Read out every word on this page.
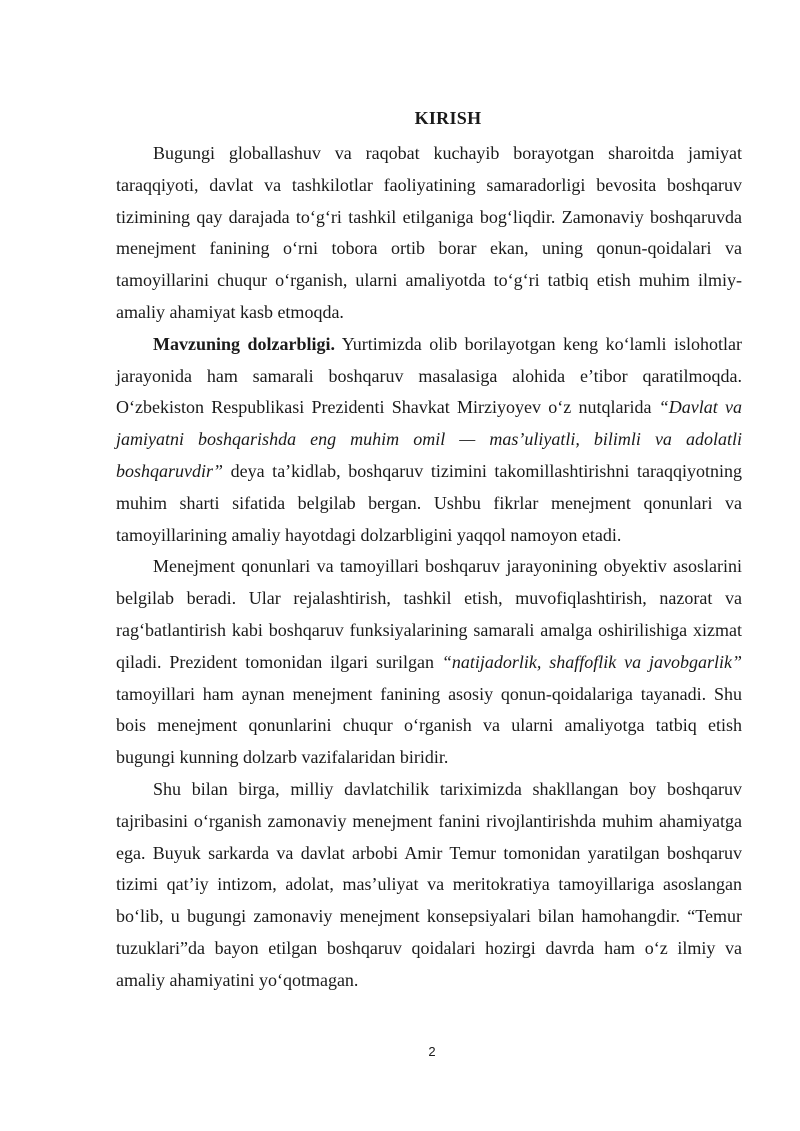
KIRISH

Bugungi globallashuv va raqobat kuchayib borayotgan sharoitda jamiyat taraqqiyoti, davlat va tashkilotlar faoliyatining samaradorligi bevosita boshqaruv tizimining qay darajada to‘g‘ri tashkil etilganiga bog‘liqdir. Zamonaviy boshqaruvda menejment fanining o‘rni tobora ortib borar ekan, uning qonun-qoidalari va tamoyillarini chuqur o‘rganish, ularni amaliyotda to‘g‘ri tatbiq etish muhim ilmiy-amaliy ahamiyat kasb etmoqda.

Mavzuning dolzarbligi. Yurtimizda olib borilayotgan keng ko‘lamli islohotlar jarayonida ham samarali boshqaruv masalasiga alohida e’tibor qaratilmoqda. O‘zbekiston Respublikasi Prezidenti Shavkat Mirziyoyev o‘z nutqlarida “Davlat va jamiyatni boshqarishda eng muhim omil — mas’uliyatli, bilimli va adolatli boshqaruvdir” deya ta’kidlab, boshqaruv tizimini takomillashtirishni taraqqiyotning muhim sharti sifatida belgilab bergan. Ushbu fikrlar menejment qonunlari va tamoyillarining amaliy hayotdagi dolzarbligini yaqqol namoyon etadi.

Menejment qonunlari va tamoyillari boshqaruv jarayonining obyektiv asoslarini belgilab beradi. Ular rejalashtirish, tashkil etish, muvofiqlashtirish, nazorat va rag‘batlantirish kabi boshqaruv funksiyalarining samarali amalga oshirilishiga xizmat qiladi. Prezident tomonidan ilgari surilgan “natijadorlik, shaffoflik va javobgarlik” tamoyillari ham aynan menejment fanining asosiy qonun-qoidalariga tayanadi. Shu bois menejment qonunlarini chuqur o‘rganish va ularni amaliyotga tatbiq etish bugungi kunning dolzarb vazifalaridan biridir.

Shu bilan birga, milliy davlatchilik tariximizda shakllangan boy boshqaruv tajribasini o‘rganish zamonaviy menejment fanini rivojlantirishda muhim ahamiyatga ega. Buyuk sarkarda va davlat arbobi Amir Temur tomonidan yaratilgan boshqaruv tizimi qat’iy intizom, adolat, mas’uliyat va meritokratiya tamoyillariga asoslangan bo‘lib, u bugungi zamonaviy menejment konsepsiyalari bilan hamohangdir. “Temur tuzuklari”da bayon etilgan boshqaruv qoidalari hozirgi davrda ham o‘z ilmiy va amaliy ahamiyatini yo‘qotmagan.

2
